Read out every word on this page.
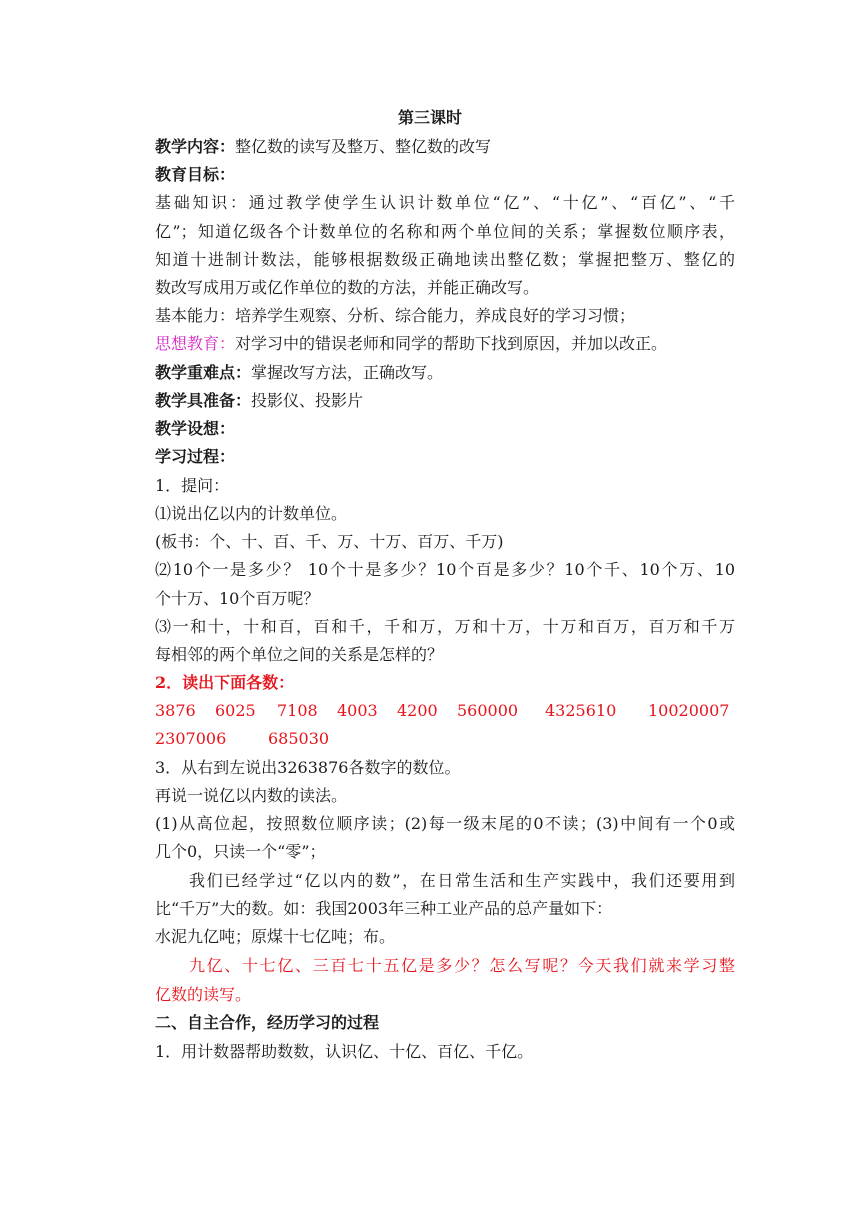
第三课时
教学内容：整亿数的读写及整万、整亿数的改写
教育目标：
基础知识：通过教学使学生认识计数单位“亿”、“十亿”、“百亿”、“千
亿”；知道亿级各个计数单位的名称和两个单位间的关系；掌握数位顺序表，
知道十进制计数法，能够根据数级正确地读出整亿数；掌握把整万、整亿的
数改写成用万或亿作单位的数的方法，并能正确改写。
基本能力：培养学生观察、分析、综合能力，养成良好的学习习惯；
思想教育：对学习中的错误老师和同学的帮助下找到原因，并加以改正。
教学重难点：掌握改写方法，正确改写。
教学具准备：投影仪、投影片
教学设想：
学习过程：
1．提问：
⑴说出亿以内的计数单位。
(板书：个、十、百、千、万、十万、百万、千万)
⑵10个一是多少？ 10个十是多少？10个百是多少？10个千、10个万、10
个十万、10个百万呢？
⑶一和十，十和百，百和千，千和万，万和十万，十万和百万，百万和千万
每相邻的两个单位之间的关系是怎样的？
2．读出下面各数：
3876 6025 7108 4003 4200 560000 4325610 10020007
2307006	685030
3．从右到左说出3263876各数字的数位。
再说一说亿以内数的读法。
(1)从高位起，按照数位顺序读；(2)每一级末尾的0不读；(3)中间有一个0或
几个0，只读一个“零”；
我们已经学过“亿以内的数”，在日常生活和生产实践中，我们还要用到
比“千万”大的数。如：我国2003年三种工业产品的总产量如下：
水泥九亿吨；原煤十七亿吨；布。
九亿、十七亿、三百七十五亿是多少？怎么写呢？今天我们就来学习整
亿数的读写。
二、自主合作，经历学习的过程
1．用计数器帮助数数，认识亿、十亿、百亿、千亿。
